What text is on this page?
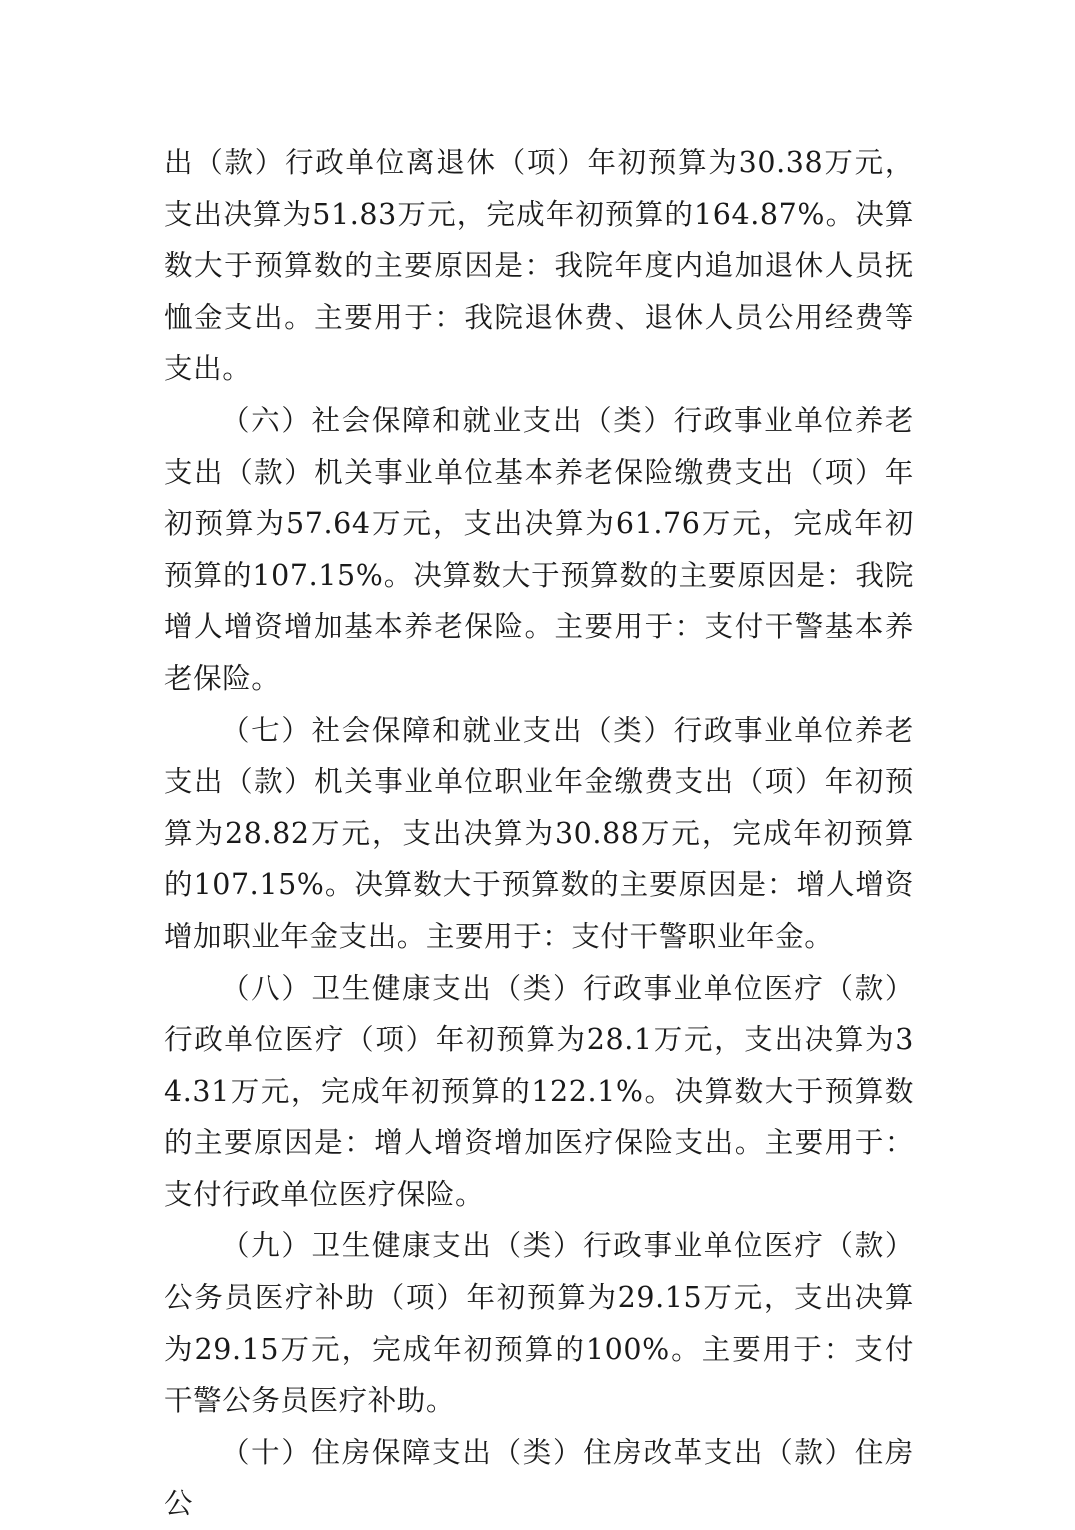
出（款）行政单位离退休（项）年初预算为30.38万元，支出决算为51.83万元，完成年初预算的164.87%。决算数大于预算数的主要原因是：我院年度内追加退休人员抚恤金支出。主要用于：我院退休费、退休人员公用经费等支出。

（六）社会保障和就业支出（类）行政事业单位养老支出（款）机关事业单位基本养老保险缴费支出（项）年初预算为57.64万元，支出决算为61.76万元，完成年初预算的107.15%。决算数大于预算数的主要原因是：我院增人增资增加基本养老保险。主要用于：支付干警基本养老保险。

（七）社会保障和就业支出（类）行政事业单位养老支出（款）机关事业单位职业年金缴费支出（项）年初预算为28.82万元，支出决算为30.88万元，完成年初预算的107.15%。决算数大于预算数的主要原因是：增人增资增加职业年金支出。主要用于：支付干警职业年金。

（八）卫生健康支出（类）行政事业单位医疗（款）行政单位医疗（项）年初预算为28.1万元，支出决算为34.31万元，完成年初预算的122.1%。决算数大于预算数的主要原因是：增人增资增加医疗保险支出。主要用于：支付行政单位医疗保险。

（九）卫生健康支出（类）行政事业单位医疗（款）公务员医疗补助（项）年初预算为29.15万元，支出决算为29.15万元，完成年初预算的100%。主要用于：支付干警公务员医疗补助。

（十）住房保障支出（类）住房改革支出（款）住房公
